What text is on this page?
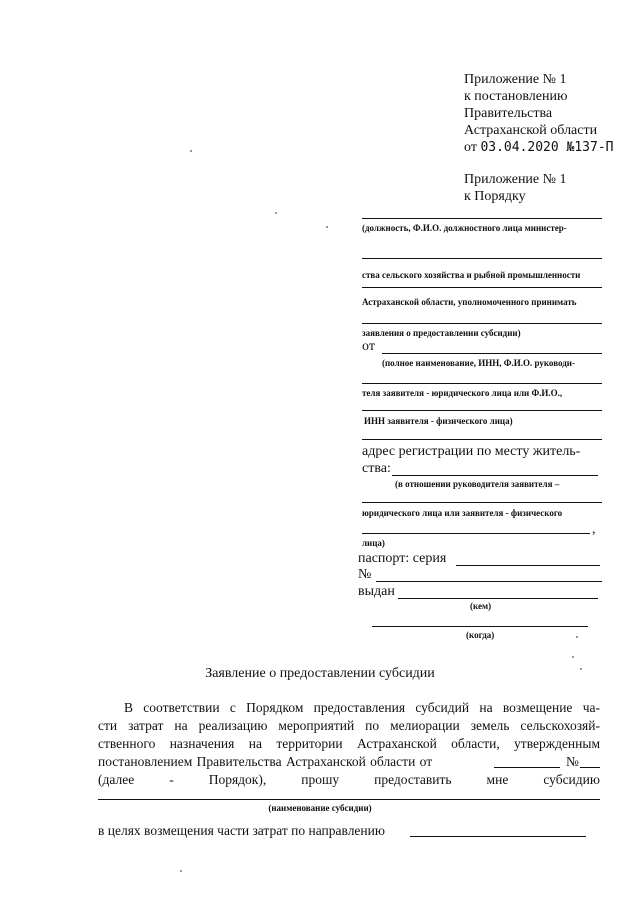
Приложение № 1
к постановлению
Правительства
Астраханской области
от 03.04.2020 №137-П
Приложение № 1
к Порядку
(должность, Ф.И.О. должностного лица министер-
ства сельского хозяйства и рыбной промышленности
Астраханской области, уполномоченного принимать
заявления о предоставлении субсидии)
от
(полное наименование, ИНН, Ф.И.О. руководи-
теля заявителя - юридического лица или Ф.И.О.,
ИНН заявителя - физического лица)
адрес регистрации по месту житель-
ства:
(в отношении руководителя заявителя –
юридического лица или заявителя - физического
,
лица)
паспорт: серия
№
выдан
(кем)
(когда)
Заявление о предоставлении субсидии
В соответствии с Порядком предоставления субсидий на возмещение ча-
сти затрат на реализацию мероприятий по мелиорации земель сельскохозяй-
ственного назначения на территории Астраханской области, утвержденным
постановлением Правительства Астраханской области от	№
(далее	-	Порядок),	прошу	предоставить	мне	субсидию
(наименование субсидии)
в целях возмещения части затрат по направлению
